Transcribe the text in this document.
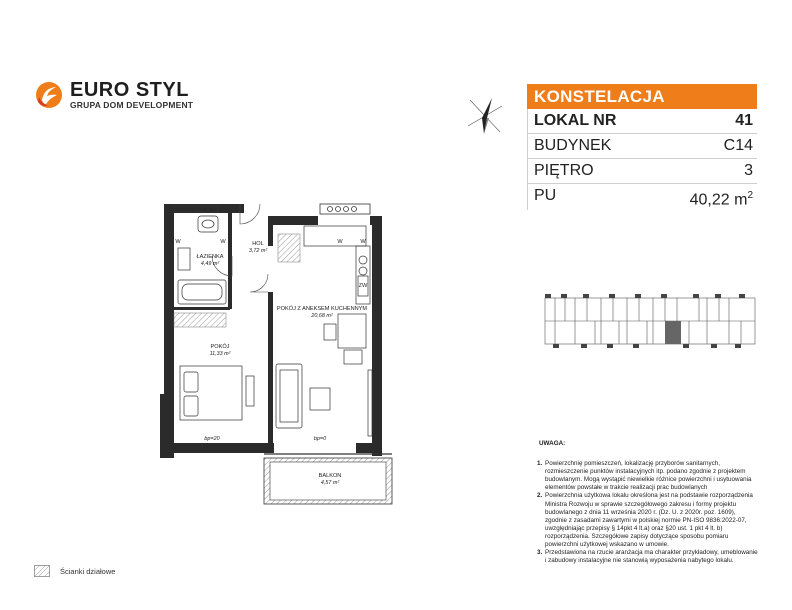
EURO STYL
GRUPA DOM DEVELOPMENT	KONSTELACJA
LOKAL NR	41
BUDYNEK	C14
PIĘTRO	3
PU	40,22 $m^2$
UWAGA:
1. Powierzchnię pomieszczeń, lokalizację przyborów sanitarnych, rozmieszczenie punktów instalacyjnych itp. podano zgodnie z projektem budowlanym. Mogą wystąpić niewielkie różnice powierzchni i usytuowania elementów powstałe w trakcie realizacji prac budowlanych
2. Powierzchnia użytkowa lokalu określona jest na podstawie rozporządzenia Ministra Rozwoju w sprawie szczegółowego zakresu i formy projektu budowlanego z dnia 11 września 2020 r. (Dz. U. z 2020r. poz. 1609), zgodnie z zasadami zawartymi w polskiej normie PN-ISO 9836:2022-07, uwzględniając przepisy § 14pkt 4 lt.a) oraz §20 ust. 1 pkt 4 lt. b) rozporządzenia. Szczegółowe zapisy dotyczące sposobu pomiaru powierzchni użytkowej wskazano w umowie.
3. Przedstawiona na rzucie aranżacja ma charakter przykładowy, umeblowanie i zabudowy instalacyjne nie stanowią wyposażenia nabytego lokalu.
Ścianki działowe
W	W	W	W
ZW
bp=20	bp=0
ŁAZIENKA
4,49 m²
HOL
3,72 m²
POKÓJ Z ANEKSEM KUCHENNYM
20,68 m²
POKÓJ
11,33 m²
BALKON
4,57 m²
